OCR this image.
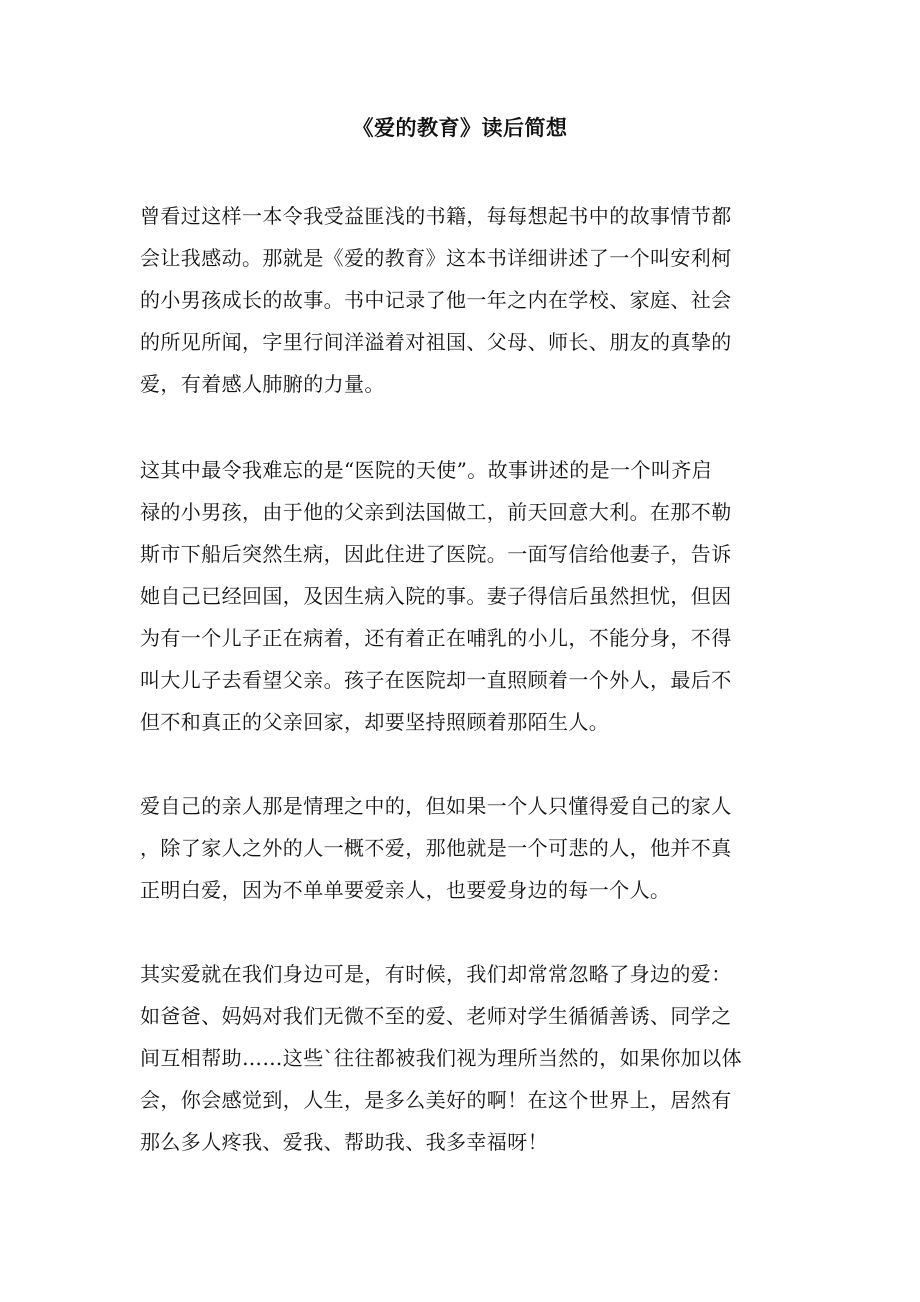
《爱的教育》读后简想

曾看过这样一本令我受益匪浅的书籍，每每想起书中的故事情节都
会让我感动。那就是《爱的教育》这本书详细讲述了一个叫安利柯
的小男孩成长的故事。书中记录了他一年之内在学校、家庭、社会
的所见所闻，字里行间洋溢着对祖国、父母、师长、朋友的真挚的
爱，有着感人肺腑的力量。

这其中最令我难忘的是“医院的天使”。故事讲述的是一个叫齐启
禄的小男孩，由于他的父亲到法国做工，前天回意大利。在那不勒
斯市下船后突然生病，因此住进了医院。一面写信给他妻子，告诉
她自己已经回国，及因生病入院的事。妻子得信后虽然担忧，但因
为有一个儿子正在病着，还有着正在哺乳的小儿，不能分身，不得
叫大儿子去看望父亲。孩子在医院却一直照顾着一个外人，最后不
但不和真正的父亲回家，却要坚持照顾着那陌生人。

爱自己的亲人那是情理之中的，但如果一个人只懂得爱自己的家人
，除了家人之外的人一概不爱，那他就是一个可悲的人，他并不真
正明白爱，因为不单单要爱亲人，也要爱身边的每一个人。

其实爱就在我们身边可是，有时候，我们却常常忽略了身边的爱：
如爸爸、妈妈对我们无微不至的爱、老师对学生循循善诱、同学之
间互相帮助……这些`往往都被我们视为理所当然的，如果你加以体
会，你会感觉到，人生，是多么美好的啊！在这个世界上，居然有
那么多人疼我、爱我、帮助我、我多幸福呀！
